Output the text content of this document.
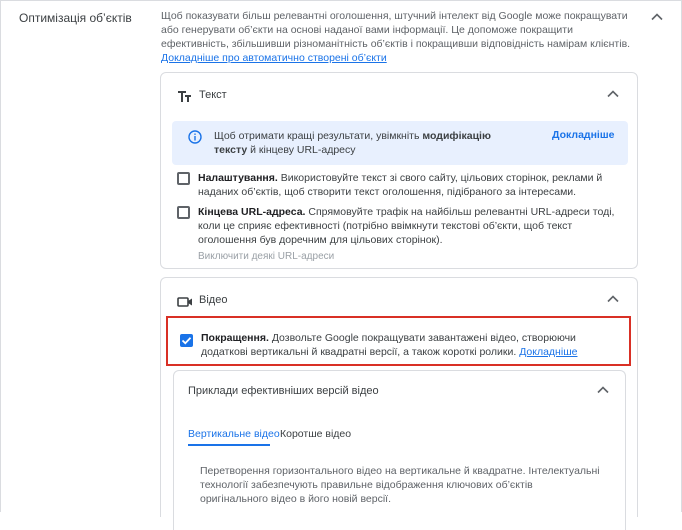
Оптимізація об’єктів	Щоб показувати більш релевантні оголошення, штучний інтелект від Google може покращувати або генерувати об’єкти на основі наданої вами інформації. Це допоможе покращити ефективність, збільшивши різноманітність об’єктів і покращивши відповідність намірам клієнтів. Докладніше про автоматично створені об’єкти
Текст
Щоб отримати кращі результати, увімкніть модифікацію тексту й кінцеву URL-адресу
Докладніше
Налаштування. Використовуйте текст зі свого сайту, цільових сторінок, реклами й наданих об’єктів, щоб створити текст оголошення, підібраного за інтересами.
Кінцева URL-адреса. Спрямовуйте трафік на найбільш релевантні URL-адреси тоді, коли це сприяє ефективності (потрібно ввімкнути текстові об’єкти, щоб текст оголошення був доречним для цільових сторінок).
Виключити деякі URL-адреси
Відео
Покращення. Дозвольте Google покращувати завантажені відео, створюючи додаткові вертикальні й квадратні версії, а також короткі ролики. Докладніше
Приклади ефективніших версій відео
Вертикальне відео Коротше відео
Перетворення горизонтального відео на вертикальне й квадратне. Інтелектуальні технології забезпечують правильне відображення ключових об’єктів оригінального відео в його новій версії.
